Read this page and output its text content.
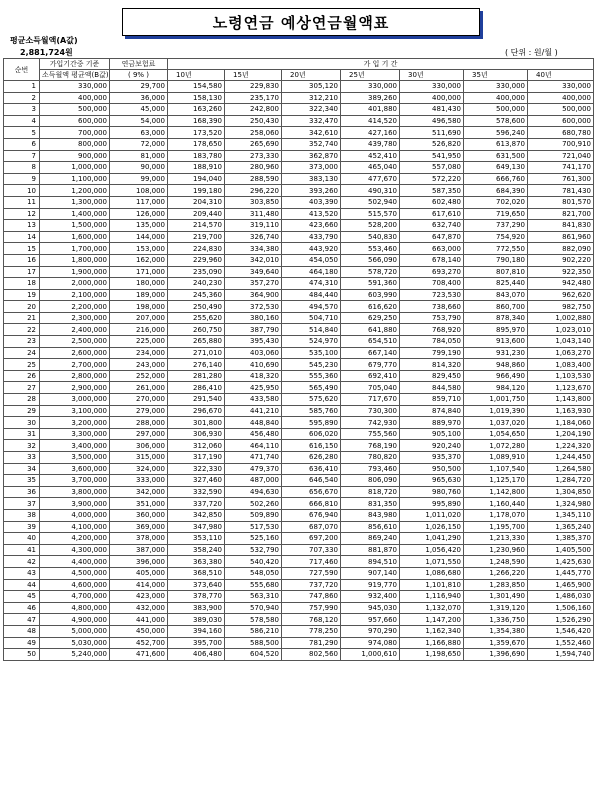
노령연금 예상연금월액표
평균소득월액(A값)
2,881,724원	( 단위 : 원/월 )
순번	가입기간중 기준	연금보험료	가 입 기 간						
	소득월액 평균액(B값)	( 9% )	10년	15년	20년	25년	30년	35년	40년
1	330,000	29,700	154,580	229,830	305,120	330,000	330,000	330,000	330,000
2	400,000	36,000	158,130	235,170	312,210	389,260	400,000	400,000	400,000
3	500,000	45,000	163,260	242,800	322,340	401,880	481,430	500,000	500,000
4	600,000	54,000	168,390	250,430	332,470	414,520	496,580	578,600	600,000
5	700,000	63,000	173,520	258,060	342,610	427,160	511,690	596,240	680,780
6	800,000	72,000	178,650	265,690	352,740	439,780	526,820	613,870	700,910
7	900,000	81,000	183,780	273,330	362,870	452,410	541,950	631,500	721,040
8	1,000,000	90,000	188,910	280,960	373,000	465,040	557,080	649,130	741,170
9	1,100,000	99,000	194,040	288,590	383,130	477,670	572,220	666,760	761,300
10	1,200,000	108,000	199,180	296,220	393,260	490,310	587,350	684,390	781,430
11	1,300,000	117,000	204,310	303,850	403,390	502,940	602,480	702,020	801,570
12	1,400,000	126,000	209,440	311,480	413,520	515,570	617,610	719,650	821,700
13	1,500,000	135,000	214,570	319,110	423,660	528,200	632,740	737,290	841,830
14	1,600,000	144,000	219,700	326,740	433,790	540,830	647,870	754,920	861,960
15	1,700,000	153,000	224,830	334,380	443,920	553,460	663,000	772,550	882,090
16	1,800,000	162,000	229,960	342,010	454,050	566,090	678,140	790,180	902,220
17	1,900,000	171,000	235,090	349,640	464,180	578,720	693,270	807,810	922,350
18	2,000,000	180,000	240,230	357,270	474,310	591,360	708,400	825,440	942,480
19	2,100,000	189,000	245,360	364,900	484,440	603,990	723,530	843,070	962,620
20	2,200,000	198,000	250,490	372,530	494,570	616,620	738,660	860,700	982,750
21	2,300,000	207,000	255,620	380,160	504,710	629,250	753,790	878,340	1,002,880
22	2,400,000	216,000	260,750	387,790	514,840	641,880	768,920	895,970	1,023,010
23	2,500,000	225,000	265,880	395,430	524,970	654,510	784,050	913,600	1,043,140
24	2,600,000	234,000	271,010	403,060	535,100	667,140	799,190	931,230	1,063,270
25	2,700,000	243,000	276,140	410,690	545,230	679,770	814,320	948,860	1,083,400
26	2,800,000	252,000	281,280	418,320	555,360	692,410	829,450	966,490	1,103,530
27	2,900,000	261,000	286,410	425,950	565,490	705,040	844,580	984,120	1,123,670
28	3,000,000	270,000	291,540	433,580	575,620	717,670	859,710	1,001,750	1,143,800
29	3,100,000	279,000	296,670	441,210	585,760	730,300	874,840	1,019,390	1,163,930
30	3,200,000	288,000	301,800	448,840	595,890	742,930	889,970	1,037,020	1,184,060
31	3,300,000	297,000	306,930	456,480	606,020	755,560	905,100	1,054,650	1,204,190
32	3,400,000	306,000	312,060	464,110	616,150	768,190	920,240	1,072,280	1,224,320
33	3,500,000	315,000	317,190	471,740	626,280	780,820	935,370	1,089,910	1,244,450
34	3,600,000	324,000	322,330	479,370	636,410	793,460	950,500	1,107,540	1,264,580
35	3,700,000	333,000	327,460	487,000	646,540	806,090	965,630	1,125,170	1,284,720
36	3,800,000	342,000	332,590	494,630	656,670	818,720	980,760	1,142,800	1,304,850
37	3,900,000	351,000	337,720	502,260	666,810	831,350	995,890	1,160,440	1,324,980
38	4,000,000	360,000	342,850	509,890	676,940	843,980	1,011,020	1,178,070	1,345,110
39	4,100,000	369,000	347,980	517,530	687,070	856,610	1,026,150	1,195,700	1,365,240
40	4,200,000	378,000	353,110	525,160	697,200	869,240	1,041,290	1,213,330	1,385,370
41	4,300,000	387,000	358,240	532,790	707,330	881,870	1,056,420	1,230,960	1,405,500
42	4,400,000	396,000	363,380	540,420	717,460	894,510	1,071,550	1,248,590	1,425,630
43	4,500,000	405,000	368,510	548,050	727,590	907,140	1,086,680	1,266,220	1,445,770
44	4,600,000	414,000	373,640	555,680	737,720	919,770	1,101,810	1,283,850	1,465,900
45	4,700,000	423,000	378,770	563,310	747,860	932,400	1,116,940	1,301,490	1,486,030
46	4,800,000	432,000	383,900	570,940	757,990	945,030	1,132,070	1,319,120	1,506,160
47	4,900,000	441,000	389,030	578,580	768,120	957,660	1,147,200	1,336,750	1,526,290
48	5,000,000	450,000	394,160	586,210	778,250	970,290	1,162,340	1,354,380	1,546,420
49	5,030,000	452,700	395,700	588,500	781,290	974,080	1,166,880	1,359,670	1,552,460
50	5,240,000	471,600	406,480	604,520	802,560	1,000,610	1,198,650	1,396,690	1,594,740
